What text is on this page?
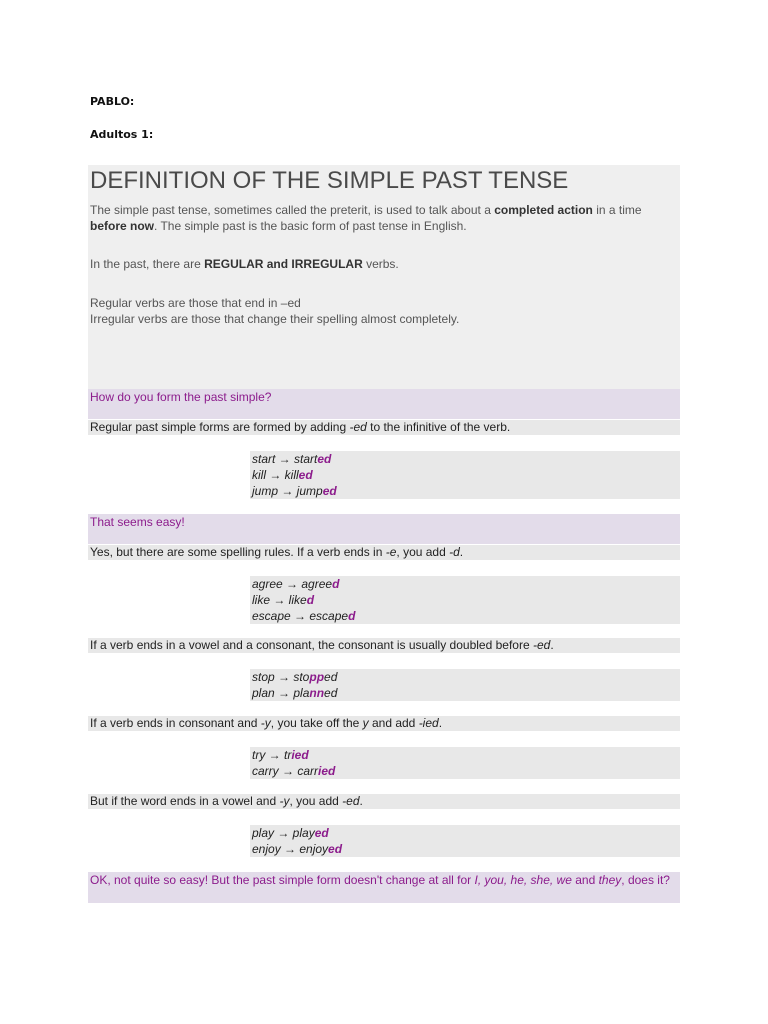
PABLO:
Adultos 1:
DEFINITION OF THE SIMPLE PAST TENSE

The simple past tense, sometimes called the preterit, is used to talk about a completed action in a time before now. The simple past is the basic form of past tense in English.

In the past, there are REGULAR and IRREGULAR verbs.

Regular verbs are those that end in –ed

Irregular verbs are those that change their spelling almost completely.

How do you form the past simple?
Regular past simple forms are formed by adding -ed to the infinitive of the verb.
start → started
kill → killed
jump → jumped
That seems easy!
Yes, but there are some spelling rules. If a verb ends in -e, you add -d.
agree → agreed
like → liked
escape → escaped
If a verb ends in a vowel and a consonant, the consonant is usually doubled before -ed.
stop → stopped
plan → planned
If a verb ends in consonant and -y, you take off the y and add -ied.
try → tried
carry → carried
But if the word ends in a vowel and -y, you add -ed.
play → played
enjoy → enjoyed
OK, not quite so easy! But the past simple form doesn't change at all for I, you, he, she, we and they, does it?
